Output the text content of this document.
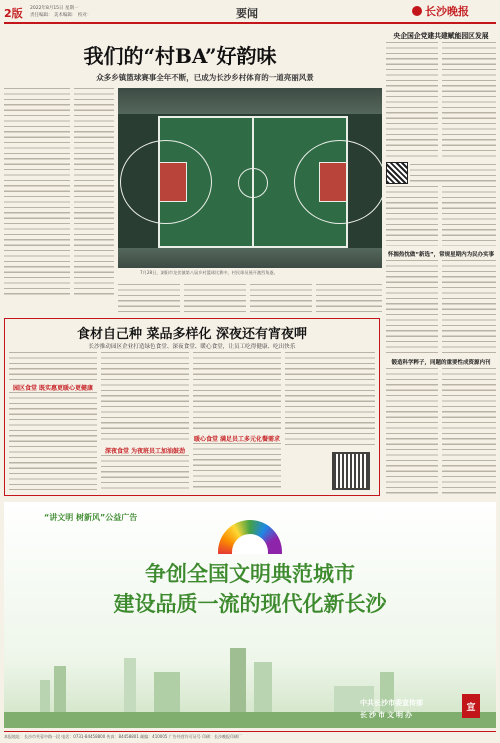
2版 2022年8月15日 星期一
责任编辑： 美术编辑： 校对：	要闻	长沙晚报
我们的“村BA”好韵味
众多乡镇篮球赛事全年不断，已成为长沙乡村体育的一道亮丽风景
7月28日，浏阳市龙伏镇第八届乡村篮球比赛中，村民球员展开激烈角逐。
央企国企党建共建赋能园区发展
怀揣热忱做“新选”，常规星期内为民办实事
锻造科学粹子，同题的重要性成资源内刊
食材自己种 菜品多样化 深夜还有宵夜呷
长沙推动园区企业打造绿色食堂、深夜食堂、暖心食堂，让员工吃得健康、吃出快乐
园区食堂 既实惠更暖心更健康
深夜食堂 为夜班员工加油鼓劲
暖心食堂 满足员工多元化餐需求
“讲文明 树新风”公益广告
争创全国文明典范城市
建设品质一流的现代化新长沙
中共长沙市委宣传部
长沙市文明办
宣
本报地址：长沙市芙蓉中路一段 电话：0731-84458800 传真：84458801 邮编：410005 广告经营许可证号 印刷：长沙晚报印刷厂
